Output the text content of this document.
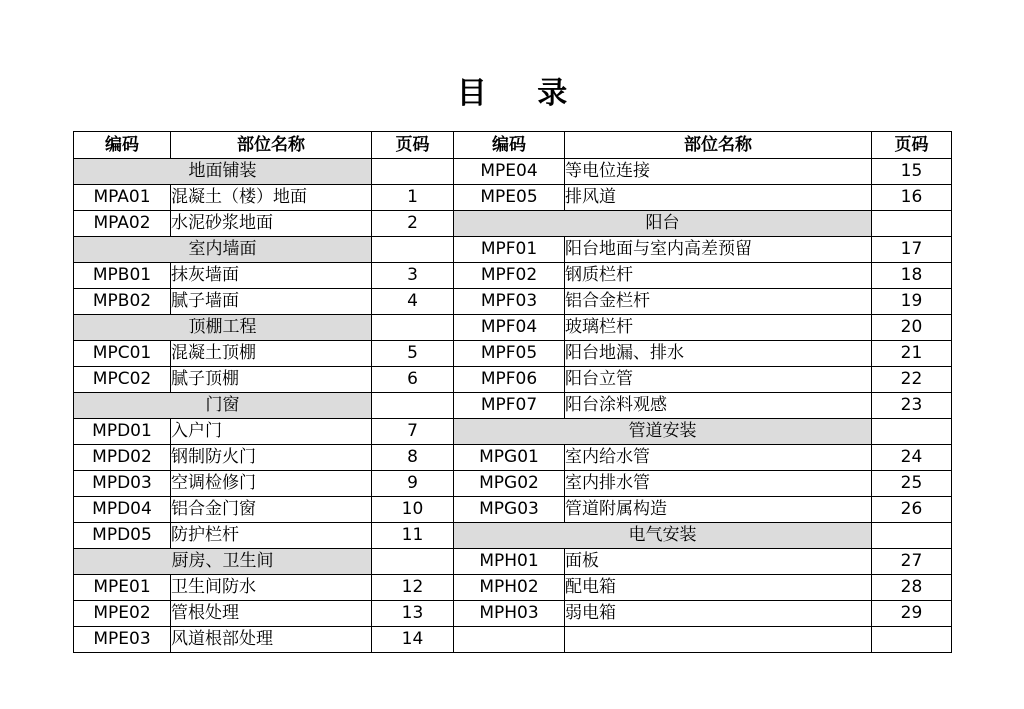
目 录
编码	部位名称	页码	编码	部位名称	页码
地面铺装			MPE04	等电位连接	15
MPA01	混凝土（楼）地面	1	MPE05	排风道	16
MPA02	水泥砂浆地面	2	阳台		
室内墙面			MPF01	阳台地面与室内高差预留	17
MPB01	抹灰墙面	3	MPF02	钢质栏杆	18
MPB02	腻子墙面	4	MPF03	铝合金栏杆	19
顶棚工程			MPF04	玻璃栏杆	20
MPC01	混凝土顶棚	5	MPF05	阳台地漏、排水	21
MPC02	腻子顶棚	6	MPF06	阳台立管	22
门窗			MPF07	阳台涂料观感	23
MPD01	入户门	7	管道安装		
MPD02	钢制防火门	8	MPG01	室内给水管	24
MPD03	空调检修门	9	MPG02	室内排水管	25
MPD04	铝合金门窗	10	MPG03	管道附属构造	26
MPD05	防护栏杆	11	电气安装		
厨房、卫生间			MPH01	面板	27
MPE01	卫生间防水	12	MPH02	配电箱	28
MPE02	管根处理	13	MPH03	弱电箱	29
MPE03	风道根部处理	14			
